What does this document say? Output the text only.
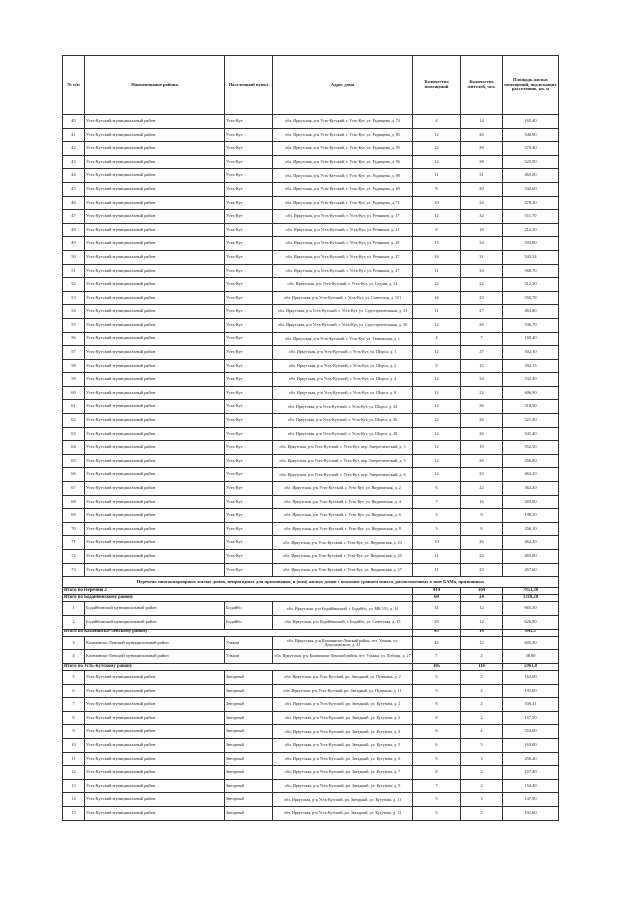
№ п/п	Наименование района	Населенный пункт	Адрес дома	Количество помещений	Количество жителей, чел.	Площадь жилых помещений, подлежащих расселению, кв. м
40	Усть-Кутский муниципальный район	Усть-Кут	обл. Иркутская, р-н Усть-Кутский, г. Усть-Кут, ул. Радищева, д. 74	4	14	165,40
41	Усть-Кутский муниципальный район	Усть-Кут	обл. Иркутская, р-н Усть-Кутский, г. Усть-Кут, ул. Радищева, д. 85	12	26	540,90
42	Усть-Кутский муниципальный район	Усть-Кут	обл. Иркутская, р-н Усть-Кутский, г. Усть-Кут, ул. Радищева, д. 95	12	39	570,40
43	Усть-Кутский муниципальный район	Усть-Кут	обл. Иркутская, р-н Усть-Кутский, г. Усть-Кут, ул. Радищева, д. 96	12	38	525,90
44	Усть-Кутский муниципальный район	Усть-Кут	обл. Иркутская, р-н Усть-Кутский, г. Усть-Кут, ул. Радищева, д. 98	11	31	465,00
45	Усть-Кутский муниципальный район	Усть-Кут	обл. Иркутская, р-н Усть-Кутский, г. Усть-Кут, ул. Радищева, д. 69	8	20	342,60
46	Усть-Кутский муниципальный район	Усть-Кут	обл. Иркутская, р-н Усть-Кутский, г. Усть-Кут, ул. Радищева, д. 71	10	24	478,30
47	Усть-Кутский муниципальный район	Усть-Кут	обл. Иркутская, р-н Усть-Кутский, г. Усть-Кут, ул. Речников, д. 17	12	32	511,70
48	Усть-Кутский муниципальный район	Усть-Кут	обл. Иркутская, р-н Усть-Кутский, г. Усть-Кут, ул. Речников, д. 21	8	18	212,30
49	Усть-Кутский муниципальный район	Усть-Кут	обл. Иркутская, р-н Усть-Кутский, г. Усть-Кут, ул. Речников, д. 29	15	34	503,90
50	Усть-Кутский муниципальный район	Усть-Кут	обл. Иркутская, р-н Усть-Кутский, г. Усть-Кут, ул. Речников, д. 27	16	31	543,54
51	Усть-Кутский муниципальный район	Усть-Кут	обл. Иркутская, р-н Усть-Кутский, г. Усть-Кут, ул. Речников, д. 27	11	34	560,70
52	Усть-Кутский муниципальный район	Усть-Кут	обл. Иркутская, р-н Усть-Кутский, г. Усть-Кут, ул. Седова, д. 14	12	22	512,30
53	Усть-Кутский муниципальный район	Усть-Кут	обл. Иркутская, р-н Усть-Кутский, г. Усть-Кут, ул. Советская, д. 151	16	25	550,78
54	Усть-Кутский муниципальный район	Усть-Кут	обл. Иркутская, р-н Усть-Кутский, г. Усть-Кут, ул. Судостроительная, д. 25	11	27	463,80
55	Усть-Кутский муниципальный район	Усть-Кут	обл. Иркутская, р-н Усть-Кутский, г. Усть-Кут, ул. Судостроительная, д. 36	12	26	536,79
56	Усть-Кутский муниципальный район	Усть-Кут	обл. Иркутская, р-н Усть-Кутский, г. Усть-Кут, ул. Тюменская, д. 1	4	7	169,40
57	Усть-Кутский муниципальный район	Усть-Кут	обл. Иркутская, р-н Усть-Кутский, г. Усть-Кут, ул. Шорса, д. 1	12	27	502,10
58	Усть-Кутский муниципальный район	Усть-Кут	обл. Иркутская, р-н Усть-Кутский, г. Усть-Кут, ул. Шорса, д. 2	9	15	392,15
59	Усть-Кутский муниципальный район	Усть-Кут	обл. Иркутская, р-н Усть-Кутский, г. Усть-Кут, ул. Шорса, д. 4	12	34	532,40
60	Усть-Кутский муниципальный район	Усть-Кут	обл. Иркутская, р-н Усть-Кутский, г. Усть-Кут, ул. Шорса, д. 8	12	22	606,90
61	Усть-Кутский муниципальный район	Усть-Кут	обл. Иркутская, р-н Усть-Кутский, г. Усть-Кут, ул. Шорса, д. 24	12	36	518,90
62	Усть-Кутский муниципальный район	Усть-Кут	обл. Иркутская, р-н Усть-Кутский, г. Усть-Кут, ул. Шорса, д. 26	12	26	521,40
63	Усть-Кутский муниципальный район	Усть-Кут	обл. Иркутская, р-н Усть-Кутский, г. Усть-Кут, ул. Шорса, д. 28	12	26	541,40
64	Усть-Кутский муниципальный район	Усть-Кут	обл. Иркутская, р-н Усть-Кутский, г. Усть-Кут, пер. Энергетический, д. 3	12	19	552,50
65	Усть-Кутский муниципальный район	Усть-Кут	обл. Иркутская, р-н Усть-Кутский, г. Усть-Кут, пер. Энергетический, д. 5	12	26	456,00
66	Усть-Кутский муниципальный район	Усть-Кут	обл. Иркутская, р-н Усть-Кутский, г. Усть-Кут, пер. Энергетический, д. 6	12	33	463,20
67	Усть-Кутский муниципальный район	Усть-Кут	обл. Иркутская, р-н Усть-Кутский, г. Усть-Кут, ул. Якуримская, д. 2	6	22	362,20
68	Усть-Кутский муниципальный район	Усть-Кут	обл. Иркутская, р-н Усть-Кутский, г. Усть-Кут, ул. Якуримская, д. 4	7	16	283,90
69	Усть-Кутский муниципальный район	Усть-Кут	обл. Иркутская, р-н Усть-Кутский, г. Усть-Кут, ул. Якуримская, д. 6	3	9	198,50
70	Усть-Кутский муниципальный район	Усть-Кут	обл. Иркутская, р-н Усть-Кутский, г. Усть-Кут, ул. Якуримская, д. 8	3	8	256,10
71	Усть-Кутский муниципальный район	Усть-Кут	обл. Иркутская, р-н Усть-Кутский, г. Усть-Кут, ул. Якуримская, д. 23	10	26	462,30
72	Усть-Кутский муниципальный район	Усть-Кут	обл. Иркутская, р-н Усть-Кутский, г. Усть-Кут, ул. Якуримская, д. 25	11	24	465,00
73	Усть-Кутский муниципальный район	Усть-Кут	обл. Иркутская, р-н Усть-Кутский, г. Усть-Кут, ул. Якуримская, д. 27	11	25	457,60
Перечень многоквартирных жилых домов, непригодных для проживания, и (или) жилых домов с высоким уровнем износа, расположенных в зоне БАМа, признанных						
Итого по Перечню 2				414	164	7953,30
Итого по Бодайбинскому району				60	24	1310,20
1	Бодайбинский муниципальный район	Бодайбо	обл. Иркутская, р-н Бодайбинский, г. Бодайбо, ул. МК 151, д. 14	31	12	665,30
2	Бодайбинский муниципальный район	Бодайбо	обл. Иркутская, р-н Бодайбинский, г. Бодайбо, ул. Советская, д. 15	29	12	626,90
Итого по Казачинско-Ленскому району				49	14	643,3
3	Казачинско-Ленский муниципальный район	Улькан	обл. Иркутская, р-н Казачинско-Ленский район, пгт. Улькан, ул. Докучаевского, д. 41	42	12	605,30
4	Казачинско-Ленский муниципальный район	Улькан	обл. Иркутская, р-н Казачинско-Ленский район, пгт. Улькан, ул. Победы, д. 27	7	2	38,00
Итого по Усть-Кутскому району				305	116	5961,8
5	Усть-Кутский муниципальный район	Звездный	обл. Иркутская, р-н Усть-Кутский, рп. Звездный, ул. Пушкина, д. 2	5	2	163,00
6	Усть-Кутский муниципальный район	Звездный	обл. Иркутская, р-н Усть-Кутский, рп. Звездный, ул. Пушкина, д. 11	5	2	191,00
7	Усть-Кутский муниципальный район	Звездный	обл. Иркутская, р-н Усть-Кутский, рп. Звездный, ул. Кутузова, д. 2	8	2	336,41
8	Усть-Кутский муниципальный район	Звездный	обл. Иркутская, р-н Усть-Кутский, рп. Звездный, ул. Кутузова, д. 3	8	2	157,50
9	Усть-Кутский муниципальный район	Звездный	обл. Иркутская, р-н Усть-Кутский, рп. Звездный, ул. Кутузова, д. 4	6	4	353,00
10	Усть-Кутский муниципальный район	Звездный	обл. Иркутская, р-н Усть-Кутский, рп. Звездный, ул. Кутузова, д. 5	6	3	163,00
11	Усть-Кутский муниципальный район	Звездный	обл. Иркутская, р-н Усть-Кутский, рп. Звездный, ул. Кутузова, д. 6	9	3	256,40
12	Усть-Кутский муниципальный район	Звездный	обл. Иркутская, р-н Усть-Кутский, рп. Звездный, ул. Кутузова, д. 7	8	2	157,40
13	Усть-Кутский муниципальный район	Звездный	обл. Иркутская, р-н Усть-Кутский, рп. Звездный, ул. Кутузова, д. 9	7	2	154,40
14	Усть-Кутский муниципальный район	Звездный	обл. Иркутская, р-н Усть-Кутский, рп. Звездный, ул. Кутузова, д. 11	5	3	147,90
15	Усть-Кутский муниципальный район	Звездный	обл. Иркутская, р-н Усть-Кутский, рп. Звездный, ул. Кутузова, д. 12	5	2	101,60
